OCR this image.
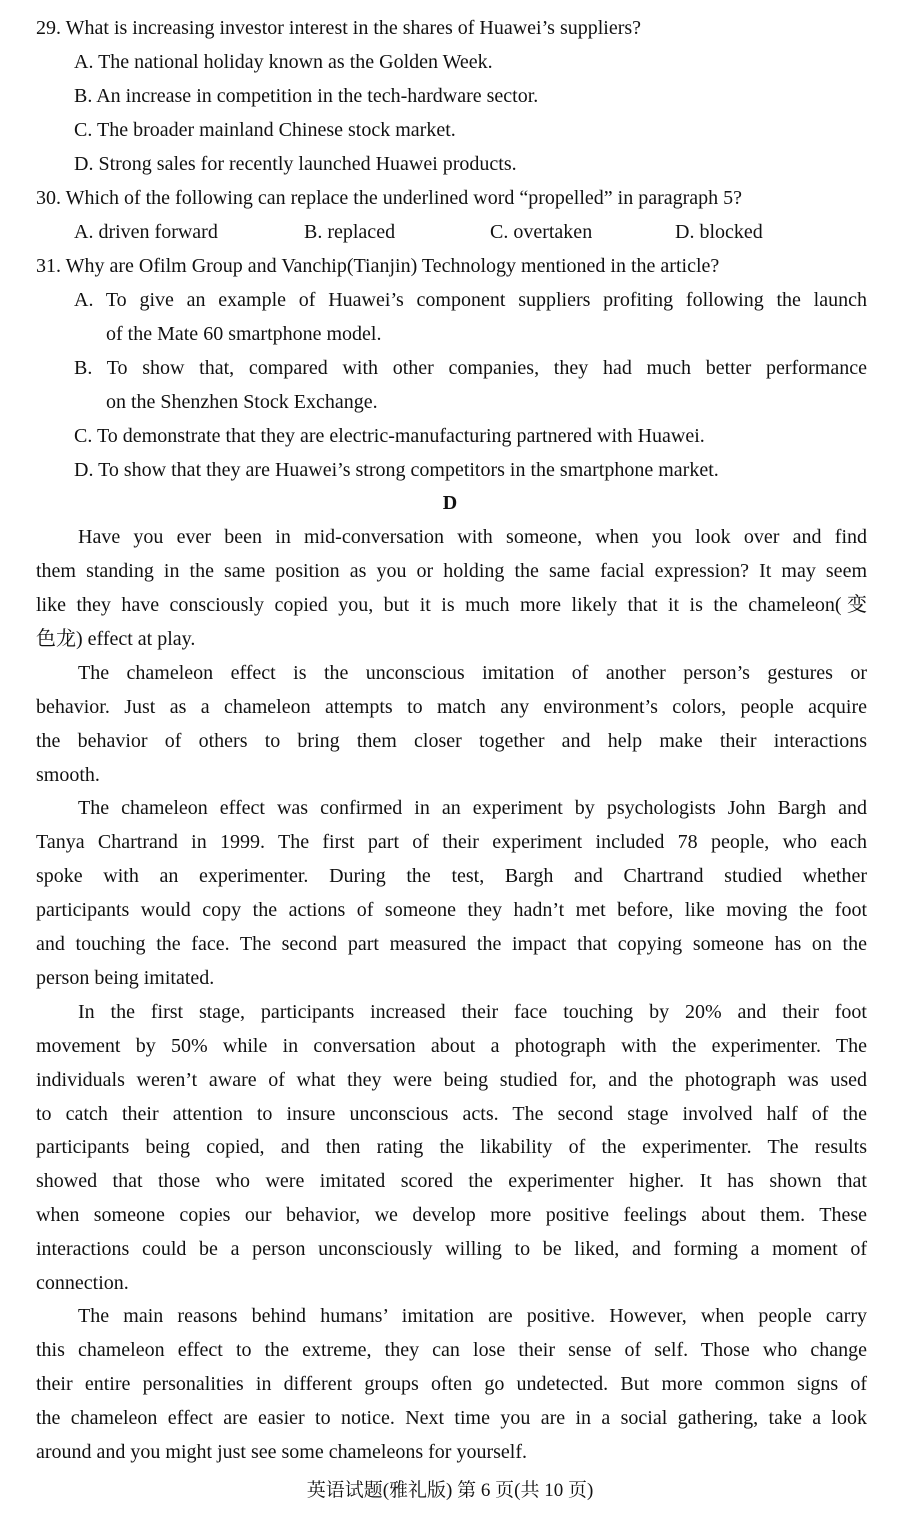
29. What is increasing investor interest in the shares of Huawei’s suppliers?
A. The national holiday known as the Golden Week.
B. An increase in competition in the tech-hardware sector.
C. The broader mainland Chinese stock market.
D. Strong sales for recently launched Huawei products.
30. Which of the following can replace the underlined word “propelled” in paragraph 5?
A. driven forward	B. replaced	C. overtaken	D. blocked
31. Why are Ofilm Group and Vanchip(Tianjin) Technology mentioned in the article?
A. To give an example of Huawei’s component suppliers profiting following the launch
of the Mate 60 smartphone model.
B. To show that, compared with other companies, they had much better performance
on the Shenzhen Stock Exchange.
C. To demonstrate that they are electric-manufacturing partnered with Huawei.
D. To show that they are Huawei’s strong competitors in the smartphone market.
D
Have you ever been in mid-conversation with someone, when you look over and find
them standing in the same position as you or holding the same facial expression? It may seem
like they have consciously copied you, but it is much more likely that it is the chameleon(变
色龙) effect at play.
The chameleon effect is the unconscious imitation of another person’s gestures or
behavior. Just as a chameleon attempts to match any environment’s colors, people acquire
the behavior of others to bring them closer together and help make their interactions
smooth.
The chameleon effect was confirmed in an experiment by psychologists John Bargh and
Tanya Chartrand in 1999. The first part of their experiment included 78 people, who each
spoke with an experimenter. During the test, Bargh and Chartrand studied whether
participants would copy the actions of someone they hadn’t met before, like moving the foot
and touching the face. The second part measured the impact that copying someone has on the
person being imitated.
In the first stage, participants increased their face touching by 20% and their foot
movement by 50% while in conversation about a photograph with the experimenter. The
individuals weren’t aware of what they were being studied for, and the photograph was used
to catch their attention to insure unconscious acts. The second stage involved half of the
participants being copied, and then rating the likability of the experimenter. The results
showed that those who were imitated scored the experimenter higher. It has shown that
when someone copies our behavior, we develop more positive feelings about them. These
interactions could be a person unconsciously willing to be liked, and forming a moment of
connection.
The main reasons behind humans’ imitation are positive. However, when people carry
this chameleon effect to the extreme, they can lose their sense of self. Those who change
their entire personalities in different groups often go undetected. But more common signs of
the chameleon effect are easier to notice. Next time you are in a social gathering, take a look
around and you might just see some chameleons for yourself.
英语试题(雅礼版) 第 6 页(共 10 页)
